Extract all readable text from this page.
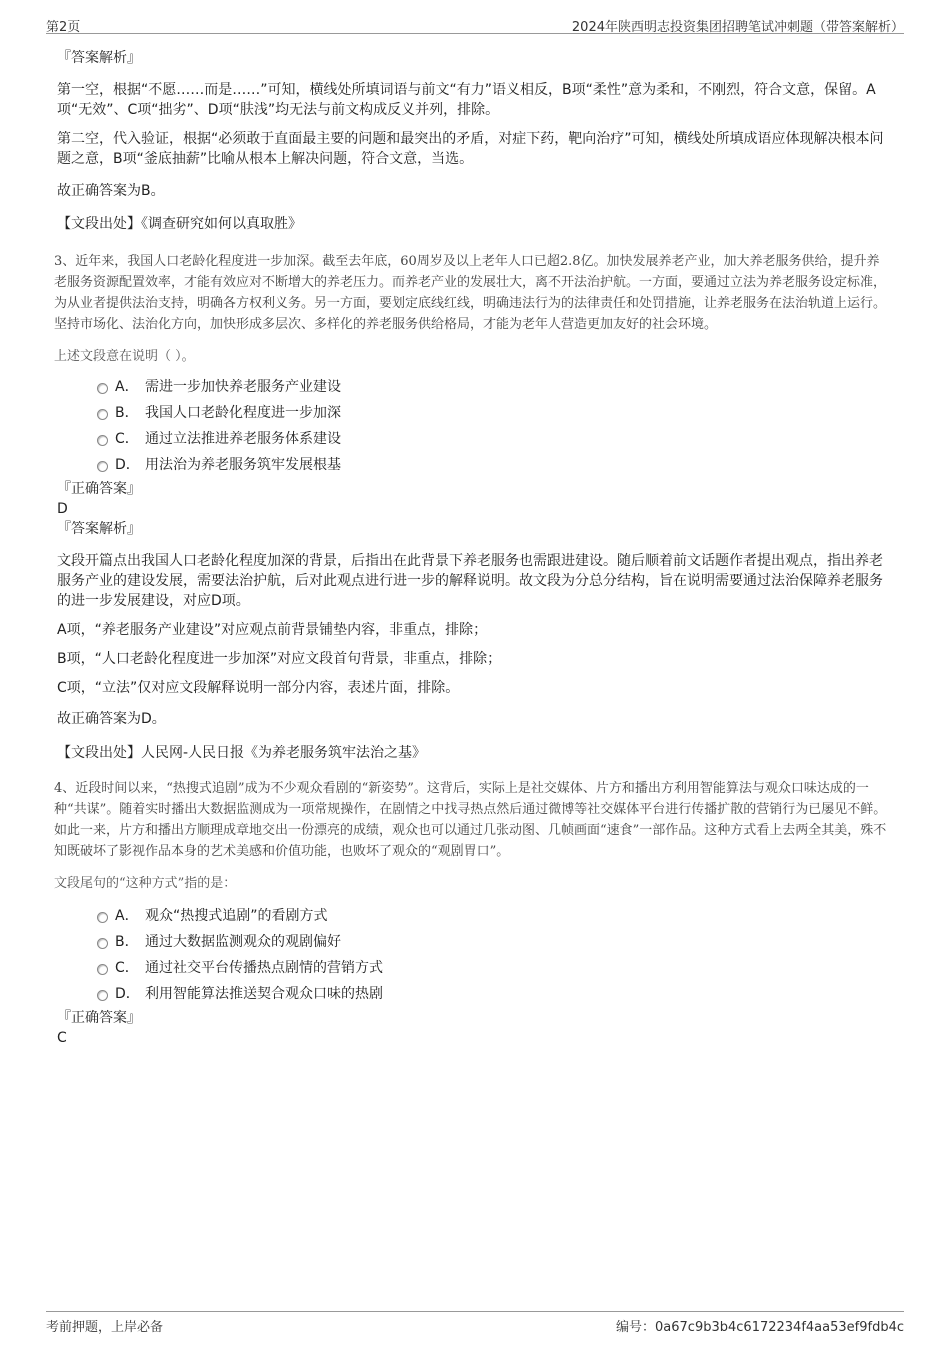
第2页	2024年陕西明志投资集团招聘笔试冲刺题（带答案解析）

『答案解析』

第一空，根据“不愿……而是……”可知，横线处所填词语与前文“有力”语义相反，B项“柔性”意为柔和，不刚烈，符合文意，保留。A项“无效”、C项“拙劣”、D项“肤浅”均无法与前文构成反义并列，排除。

第二空，代入验证，根据“必须敢于直面最主要的问题和最突出的矛盾，对症下药，靶向治疗”可知，横线处所填成语应体现解决根本问题之意，B项“釜底抽薪”比喻从根本上解决问题，符合文意，当选。

故正确答案为B。

【文段出处】《调查研究如何以真取胜》

3、近年来，我国人口老龄化程度进一步加深。截至去年底，60周岁及以上老年人口已超2.8亿。加快发展养老产业，加大养老服务供给，提升养老服务资源配置效率，才能有效应对不断增大的养老压力。而养老产业的发展壮大，离不开法治护航。一方面，要通过立法为养老服务设定标准，为从业者提供法治支持，明确各方权利义务。另一方面，要划定底线红线，明确违法行为的法律责任和处罚措施，让养老服务在法治轨道上运行。坚持市场化、法治化方向，加快形成多层次、多样化的养老服务供给格局，才能为老年人营造更加友好的社会环境。

上述文段意在说明（ ）。

A． 需进一步加快养老服务产业建设
B． 我国人口老龄化程度进一步加深
C． 通过立法推进养老服务体系建设
D． 用法治为养老服务筑牢发展根基

『正确答案』

D

『答案解析』

文段开篇点出我国人口老龄化程度加深的背景，后指出在此背景下养老服务也需跟进建设。随后顺着前文话题作者提出观点，指出养老服务产业的建设发展，需要法治护航，后对此观点进行进一步的解释说明。故文段为分总分结构，旨在说明需要通过法治保障养老服务的进一步发展建设，对应D项。

A项，“养老服务产业建设”对应观点前背景铺垫内容，非重点，排除；

B项，“人口老龄化程度进一步加深”对应文段首句背景，非重点，排除；

C项，“立法”仅对应文段解释说明一部分内容，表述片面，排除。

故正确答案为D。

【文段出处】人民网-人民日报《为养老服务筑牢法治之基》

4、近段时间以来，“热搜式追剧”成为不少观众看剧的“新姿势”。这背后，实际上是社交媒体、片方和播出方利用智能算法与观众口味达成的一种“共谋”。随着实时播出大数据监测成为一项常规操作，在剧情之中找寻热点然后通过微博等社交媒体平台进行传播扩散的营销行为已屡见不鲜。如此一来，片方和播出方顺理成章地交出一份漂亮的成绩，观众也可以通过几张动图、几帧画面“速食”一部作品。这种方式看上去两全其美，殊不知既破坏了影视作品本身的艺术美感和价值功能，也败坏了观众的“观剧胃口”。

文段尾句的“这种方式”指的是：

A． 观众“热搜式追剧”的看剧方式
B． 通过大数据监测观众的观剧偏好
C． 通过社交平台传播热点剧情的营销方式
D． 利用智能算法推送契合观众口味的热剧

『正确答案』

C

考前押题，上岸必备	编号：0a67c9b3b4c6172234f4aa53ef9fdb4c
